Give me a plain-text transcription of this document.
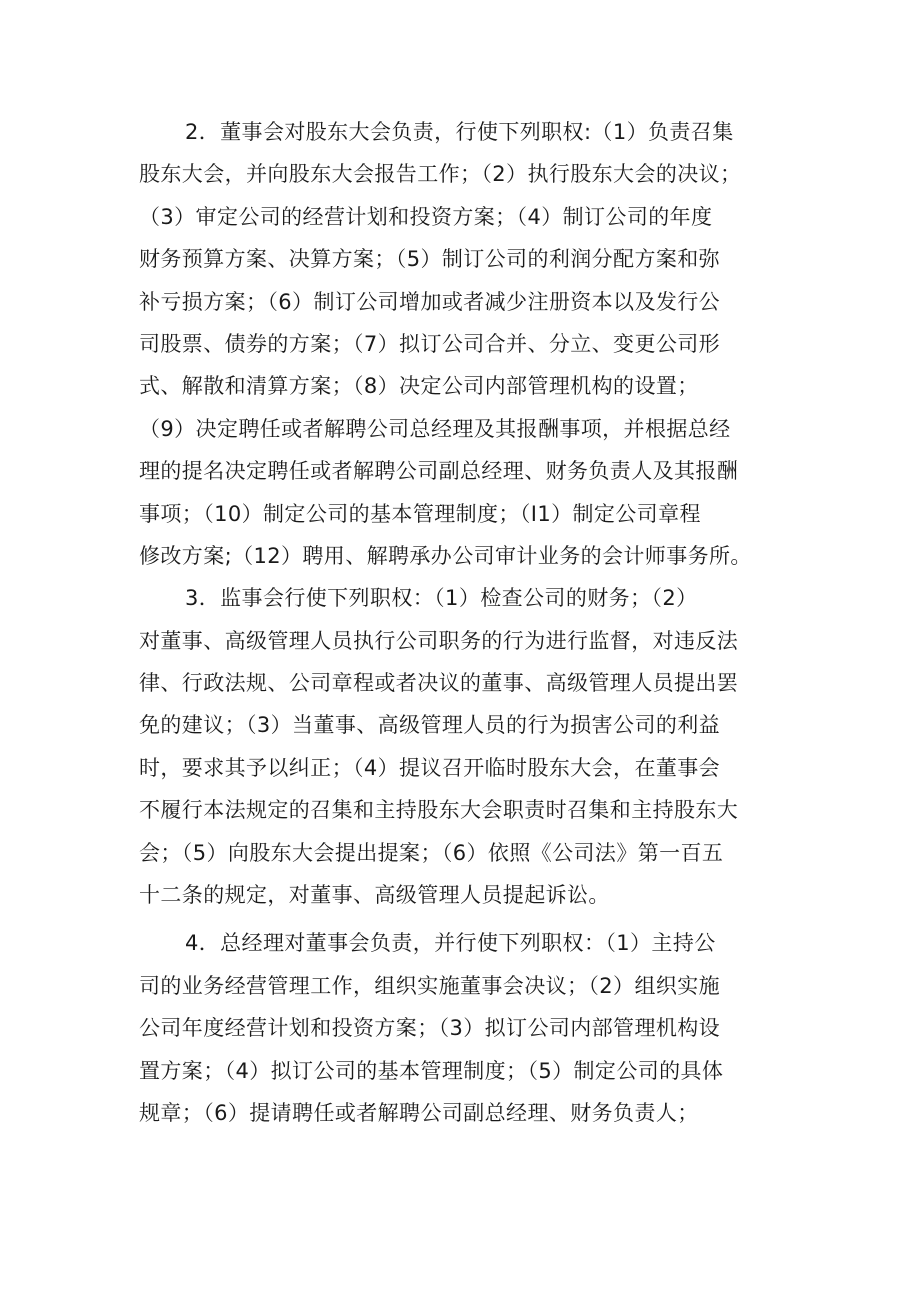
2．董事会对股东大会负责，行使下列职权:（1）负责召集
股东大会，并向股东大会报告工作；（2）执行股东大会的决议；
（3）审定公司的经营计划和投资方案；（4）制订公司的年度
财务预算方案、决算方案；（5）制订公司的利润分配方案和弥
补亏损方案；（6）制订公司增加或者减少注册资本以及发行公
司股票、债券的方案；（7）拟订公司合并、分立、变更公司形
式、解散和清算方案；（8）决定公司内部管理机构的设置；
（9）决定聘任或者解聘公司总经理及其报酬事项，并根据总经
理的提名决定聘任或者解聘公司副总经理、财务负责人及其报酬
事项；（10）制定公司的基本管理制度；（I1）制定公司章程
修改方案;（12）聘用、解聘承办公司审计业务的会计师事务所。
3．监事会行使下列职权：（1）检查公司的财务；（2）
对董事、高级管理人员执行公司职务的行为进行监督，对违反法
律、行政法规、公司章程或者决议的董事、高级管理人员提出罢
免的建议；（3）当董事、高级管理人员的行为损害公司的利益
时，要求其予以纠正；（4）提议召开临时股东大会，在董事会
不履行本法规定的召集和主持股东大会职责时召集和主持股东大
会；（5）向股东大会提出提案；（6）依照《公司法》第一百五
十二条的规定，对董事、高级管理人员提起诉讼。
4．总经理对董事会负责，并行使下列职权：（1）主持公
司的业务经营管理工作，组织实施董事会决议；（2）组织实施
公司年度经营计划和投资方案；（3）拟订公司内部管理机构设
置方案；（4）拟订公司的基本管理制度；（5）制定公司的具体
规章；（6）提请聘任或者解聘公司副总经理、财务负责人；
